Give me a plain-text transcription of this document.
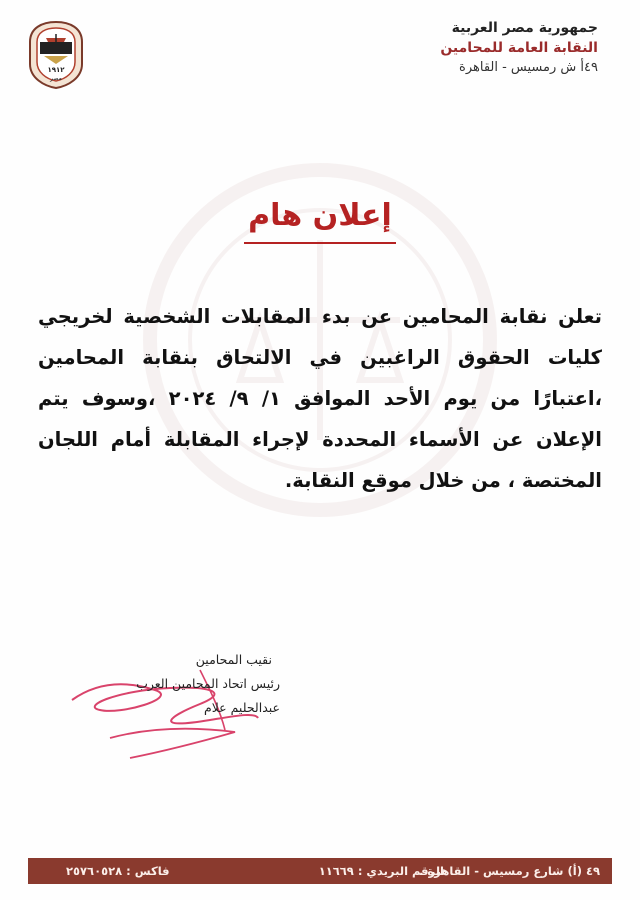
١٩١٢
مصر
جمهورية مصر العربية
النقابة العامة للمحامين
٤٩أ ش رمسيس - القاهرة
إعلان هام
تعلن نقابة المحامين عن بدء المقابلات الشخصية لخريجي كليات الحقوق الراغبين في الالتحاق بنقابة المحامين ،اعتبارًا من يوم الأحد الموافق ١/ ٩/ ٢٠٢٤ ،وسوف يتم الإعلان عن الأسماء المحددة لإجراء المقابلة أمام اللجان المختصة ، من خلال موقع النقابة.
نقيب المحامين
رئيس اتحاد المحامين العرب
عبدالحليم علام
٤٩ (أ) شارع رمسيس - القاهرة .
الرقم البريدي : ١١٦٦٩
فاكس : ٢٥٧٦٠٥٢٨
